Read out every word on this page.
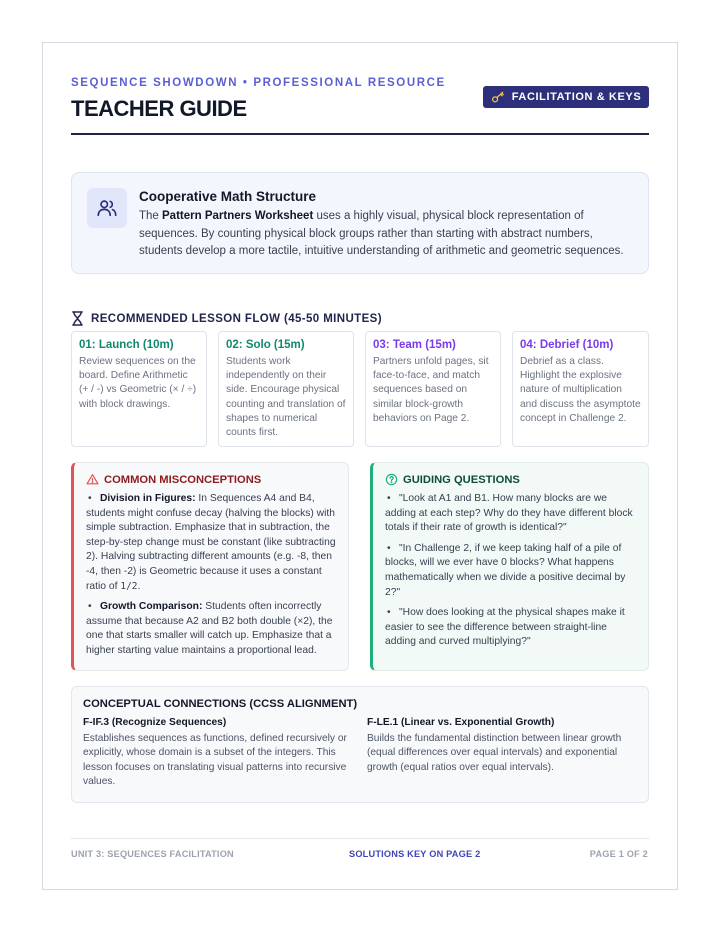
SEQUENCE SHOWDOWN • PROFESSIONAL RESOURCE
TEACHER GUIDE	FACILITATION & KEYS
Cooperative Math Structure
The Pattern Partners Worksheet uses a highly visual, physical block representation of sequences. By counting physical block groups rather than starting with abstract numbers, students develop a more tactile, intuitive understanding of arithmetic and geometric sequences.
RECOMMENDED LESSON FLOW (45-50 MINUTES)
01: Launch (10m)
Review sequences on the board. Define Arithmetic (+ / -) vs Geometric (× / ÷) with block drawings.
02: Solo (15m)
Students work independently on their side. Encourage physical counting and translation of shapes to numerical counts first.
03: Team (15m)
Partners unfold pages, sit face-to-face, and match sequences based on similar block-growth behaviors on Page 2.
04: Debrief (10m)
Debrief as a class. Highlight the explosive nature of multiplication and discuss the asymptote concept in Challenge 2.
COMMON MISCONCEPTIONS
• Division in Figures: In Sequences A4 and B4, students might confuse decay (halving the blocks) with simple subtraction. Emphasize that in subtraction, the step-by-step change must be constant (like subtracting 2). Halving subtracting different amounts (e.g. -8, then -4, then -2) is Geometric because it uses a constant ratio of 1/2.
• Growth Comparison: Students often incorrectly assume that because A2 and B2 both double (×2), the one that starts smaller will catch up. Emphasize that a higher starting value maintains a proportional lead.
GUIDING QUESTIONS
• "Look at A1 and B1. How many blocks are we adding at each step? Why do they have different block totals if their rate of growth is identical?"
• "In Challenge 2, if we keep taking half of a pile of blocks, will we ever have 0 blocks? What happens mathematically when we divide a positive decimal by 2?"
• "How does looking at the physical shapes make it easier to see the difference between straight-line adding and curved multiplying?"
CONCEPTUAL CONNECTIONS (CCSS ALIGNMENT)
F-IF.3 (Recognize Sequences)
Establishes sequences as functions, defined recursively or explicitly, whose domain is a subset of the integers. This lesson focuses on translating visual patterns into recursive values.
F-LE.1 (Linear vs. Exponential Growth)
Builds the fundamental distinction between linear growth (equal differences over equal intervals) and exponential growth (equal ratios over equal intervals).
UNIT 3: SEQUENCES FACILITATION	SOLUTIONS KEY ON PAGE 2	PAGE 1 OF 2
